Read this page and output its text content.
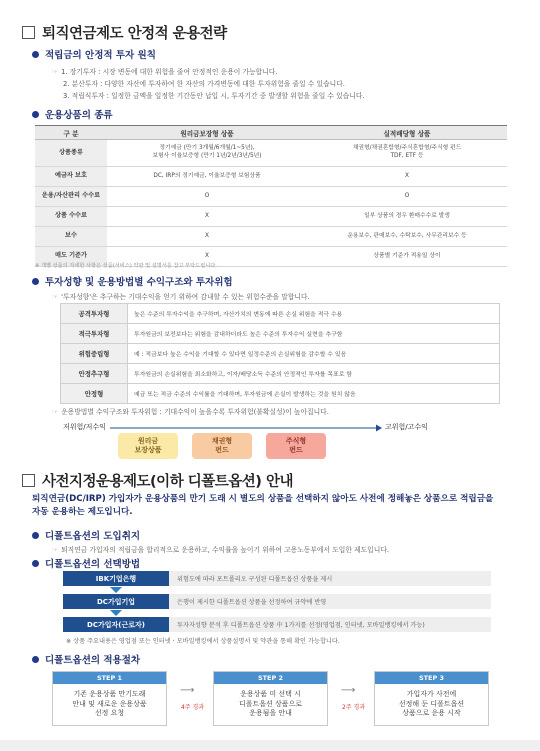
퇴직연금제도 안정적 운용전략
적립금의 안정적 투자 원칙
☞ 1. 장기투자 : 시장 변동에 대한 위험을 줄여 안정적인 운용이 가능합니다.
2. 분산투자 : 다양한 자산에 투자하여 한 자산의 가격변동에 대한 투자위험을 줄일 수 있습니다.
3. 적립식투자 : 일정한 금액을 일정한 기간동안 납입 시, 투자기간 중 발생할 위험을 줄일 수 있습니다.
운용상품의 종류
구 분	원리금보장형 상품	실적배당형 상품
상품종류	정기예금 (만기 3개월/6개월/1~5년),
보험사 이율보증형 (만기 1년/2년/3년/5년)	채권형/채권혼합형/주식혼합형/주식형 펀드
TDF, ETF 등
예금자 보호	DC, IRP의 정기예금, 이율보증형 보험상품	X
운용/자산관리 수수료	O	O
상품 수수료	X	일부 상품의 경우 환매수수료 발생
보수	X	운용보수, 판매보수, 수탁보수, 사무관리보수 등
매도 기준가	X	상품별 기준가 적용일 상이
※ 개별 상품의 자세한 사항은 상품(서비스) 약관 및 설명서를 참고 부탁드립니다.
투자성향 및 운용방법별 수익구조와 투자위험
☞ '투자성향'은 추구하는 기대수익을 얻기 위하여 감내할 수 있는 위험수준을 말합니다.
공격투자형	높은 수준의 투자수익을 추구하며, 자산가치의 변동에 따른 손실 위험을 적극 수용
적극투자형	투자원금의 보전보다는 위험을 감내하더라도 높은 수준의 투자수익 실현을 추구함
위험중립형	예 : 적금보다 높은 수익을 기대할 수 있다면 일정수준의 손실위험을 감수할 수 있음
안정추구형	투자원금의 손실위험을 최소화하고, 이자/배당소득 수준의 안정적인 투자를 목표로 함
안정형	예금 또는 적금 수준의 수익률을 기대하며, 투자원금에 손실이 발생하는 것을 원치 않음
☞ 운용방법별 수익구조와 투자위험 : 기대수익이 높을수록 투자위험(불확실성)이 높아집니다.
저위험/저수익	고위험/고수익
원리금
보장상품
채권형
펀드
주식형
펀드
사전지정운용제도(이하 디폴트옵션) 안내
퇴직연금(DC/IRP) 가입자가 운용상품의 만기 도래 시 별도의 상품을 선택하지 않아도 사전에 정해놓은 상품으로 적립금을 자동 운용하는 제도입니다.
디폴트옵션의 도입취지
☞ 퇴직연금 가입자의 적립금을 합리적으로 운용하고, 수익률을 높이기 위하여 고용노동부에서 도입한 제도입니다.
디폴트옵션의 선택방법
IBK기업은행	위험도에 따라 포트폴리오 구성된 디폴트옵션 상품을 제시
DC가입기업	은행이 제시한 디폴트옵션 상품을 선정하여 규약에 반영
DC가입자(근로자)	투자자성향 분석 후 디폴트옵션 상품 中 1가지를 선정(영업점, 인터넷, 모바일뱅킹에서 가능)
※ 상품 주요내용은 영업점 또는 인터넷ㆍ모바일뱅킹에서 상품설명서 및 약관을 통해 확인 가능합니다.
디폴트옵션의 적용절차
STEP 1
기존 운용상품 만기도래
안내 및 새로운 운용상품
선정 요청
⟶
4주 경과
STEP 2
운용상품 미 선택 시
디폴트옵션 상품으로
운용됨을 안내
⟶
2주 경과
STEP 3
가입자가 사전에
선정해 둔 디폴트옵션
상품으로 운용 시작
